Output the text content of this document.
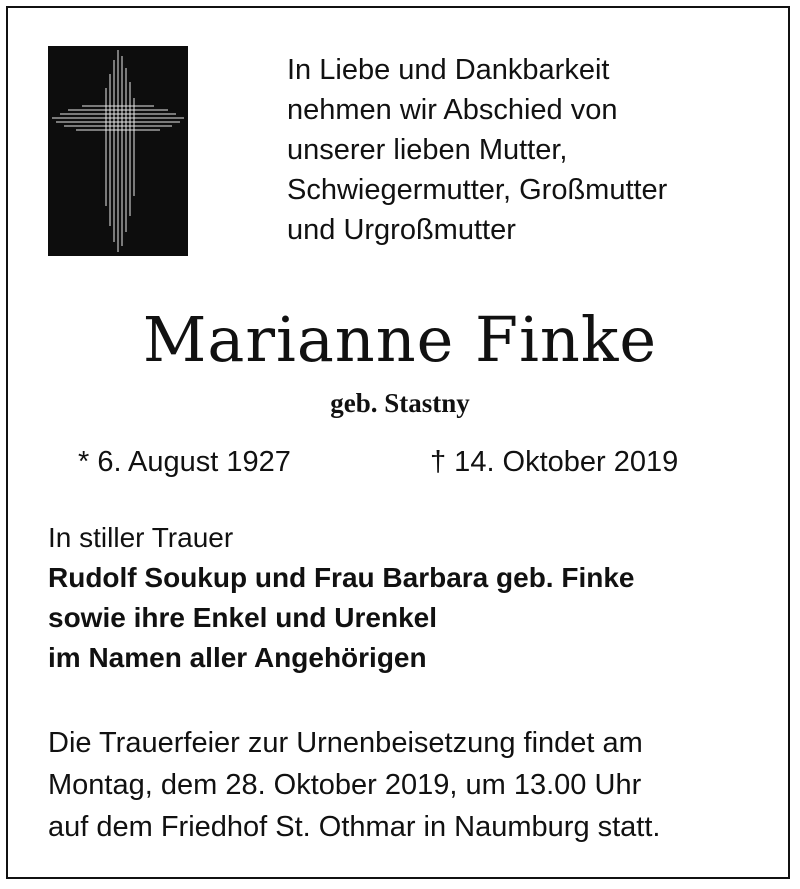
In Liebe und Dankbarkeit
nehmen wir Abschied von
unserer lieben Mutter,
Schwiegermutter, Großmutter
und Urgroßmutter
Marianne Finke
geb. Stastny
* 6. August 1927	† 14. Oktober 2019
In stiller Trauer
Rudolf Soukup und Frau Barbara geb. Finke
sowie ihre Enkel und Urenkel
im Namen aller Angehörigen
Die Trauerfeier zur Urnenbeisetzung findet am
Montag, dem 28. Oktober 2019, um 13.00 Uhr
auf dem Friedhof St. Othmar in Naumburg statt.
